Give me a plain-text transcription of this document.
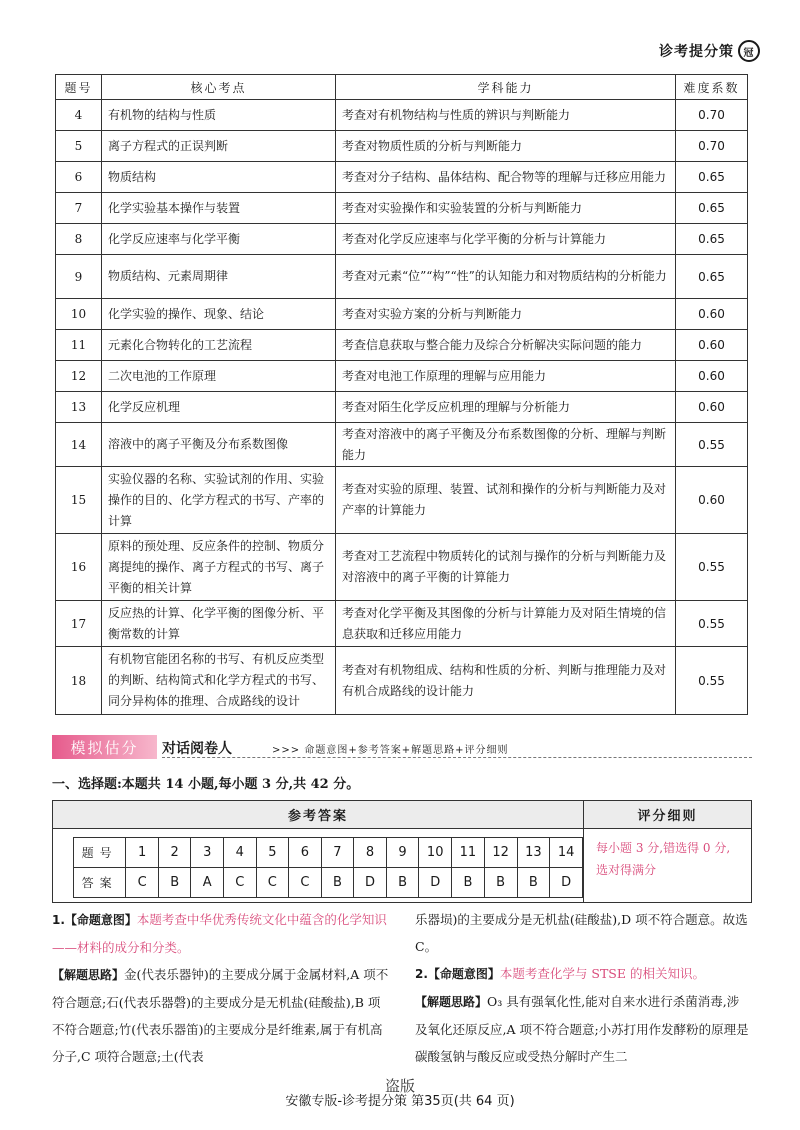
诊考提分策 冠
题号	核心考点	学科能力	难度系数
4	有机物的结构与性质	考查对有机物结构与性质的辨识与判断能力	0.70
5	离子方程式的正误判断	考查对物质性质的分析与判断能力	0.70
6	物质结构	考查对分子结构、晶体结构、配合物等的理解与迁移应用能力	0.65
7	化学实验基本操作与装置	考查对实验操作和实验装置的分析与判断能力	0.65
8	化学反应速率与化学平衡	考查对化学反应速率与化学平衡的分析与计算能力	0.65
9	物质结构、元素周期律	考查对元素“位”“构”“性”的认知能力和对物质结构的分析能力	0.65
10	化学实验的操作、现象、结论	考查对实验方案的分析与判断能力	0.60
11	元素化合物转化的工艺流程	考查信息获取与整合能力及综合分析解决实际问题的能力	0.60
12	二次电池的工作原理	考查对电池工作原理的理解与应用能力	0.60
13	化学反应机理	考查对陌生化学反应机理的理解与分析能力	0.60
14	溶液中的离子平衡及分布系数图像	考查对溶液中的离子平衡及分布系数图像的分析、理解与判断能力	0.55
15	实验仪器的名称、实验试剂的作用、实验操作的目的、化学方程式的书写、产率的计算	考查对实验的原理、装置、试剂和操作的分析与判断能力及对产率的计算能力	0.60
16	原料的预处理、反应条件的控制、物质分离提纯的操作、离子方程式的书写、离子平衡的相关计算	考查对工艺流程中物质转化的试剂与操作的分析与判断能力及对溶液中的离子平衡的计算能力	0.55
17	反应热的计算、化学平衡的图像分析、平衡常数的计算	考查对化学平衡及其图像的分析与计算能力及对陌生情境的信息获取和迁移应用能力	0.55
18	有机物官能团名称的书写、有机反应类型的判断、结构简式和化学方程式的书写、同分异构体的推理、合成路线的设计	考查对有机物组成、结构和性质的分析、判断与推理能力及对有机合成路线的设计能力	0.55
模拟估分	对话阅卷人	>>> 命题意图+参考答案+解题思路+评分细则
一、选择题:本题共 14 小题,每小题 3 分,共 42 分。
参考答案
题号	1	2	3	4	5	6	7	8	9	10	11	12	13	14
答案	C	B	A	C	C	C	B	D	B	D	B	B	B	D
评分细则
每小题 3 分,错选得 0 分,选对得满分

1.【命题意图】本题考查中华优秀传统文化中蕴含的化学知识——材料的成分和分类。

【解题思路】金(代表乐器钟)的主要成分属于金属材料,A 项不符合题意;石(代表乐器磬)的主要成分是无机盐(硅酸盐),B 项不符合题意;竹(代表乐器笛)的主要成分是纤维素,属于有机高分子,C 项符合题意;土(代表

乐器埙)的主要成分是无机盐(硅酸盐),D 项不符合题意。故选 C。

2.【命题意图】本题考查化学与 STSE 的相关知识。

【解题思路】O₃ 具有强氧化性,能对自来水进行杀菌消毒,涉及氧化还原反应,A 项不符合题意;小苏打用作发酵粉的原理是碳酸氢钠与酸反应或受热分解时产生二

盗版
安徽专版-诊考提分策 第35页(共 64 页)
